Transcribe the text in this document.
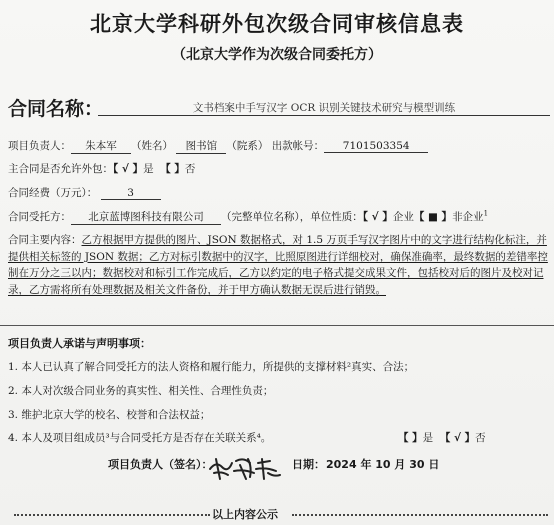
北京大学科研外包次级合同审核信息表
（北京大学作为次级合同委托方）
合同名称：	文书档案中手写汉字 OCR 识别关键技术研究与模型训练
项目负责人： 朱本军 （姓名） 图书馆 （院系） 出款帐号： 7101503354
主合同是否允许外包：【 √ 】是 【 】否
合同经费（万元）：	3
合同受托方： 北京蓝博图科技有限公司 （完整单位名称），单位性质：【 √ 】企业【 ■ 】非企业$^1$
合同主要内容：乙方根据甲方提供的图片、JSON 数据格式，对 1.5 万页手写汉字图片中的文字进行结构化标注，并提供相关标签的 JSON 数据；乙方对标引数据中的汉字，比照原图进行详细校对，确保准确率，最终数据的差错率控制在万分之三以内；数据校对和标引工作完成后，乙方以约定的电子格式提交成果文件，包括校对后的图片及校对记录，乙方需将所有处理数据及相关文件备份，并于甲方确认数据无误后进行销毁。
项目负责人承诺与声明事项：
1. 本人已认真了解合同受托方的法人资格和履行能力，所提供的支撑材料²真实、合法；
2. 本人对次级合同业务的真实性、相关性、合理性负责；
3. 维护北京大学的校名、校誉和合法权益；
4. 本人及项目组成员³与合同受托方是否存在关联关系⁴。	【 】是 【 √ 】否
项目负责人（签名）：	日期： 2024 年 10 月 30 日
以上内容公示
